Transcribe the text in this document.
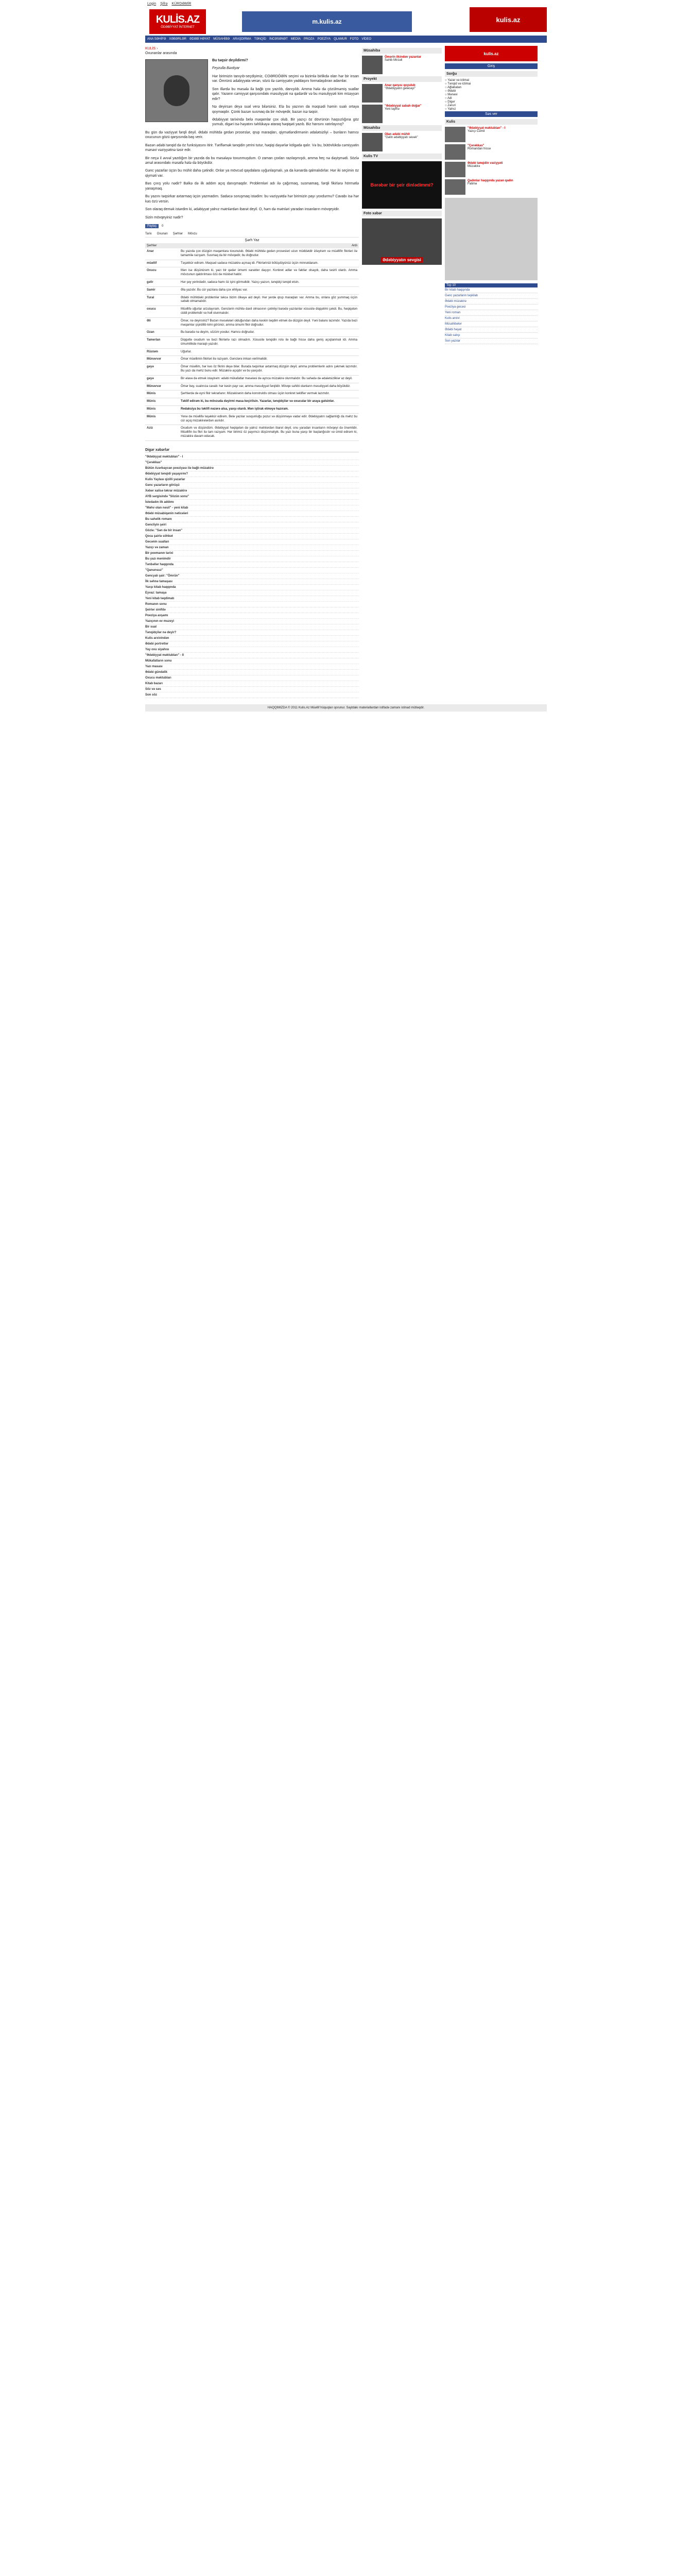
Login Şifrə KÜRDƏMİR
KULİS.AZ
ÖDƏBİYYAT İNTERNET
m.kulis.az	kulis.az
ANA SƏHİFƏ XƏBƏRLƏR ƏDƏBİ HƏYAT MÜSAHİBƏ ARAŞDIRMA TƏNQİD İNCƏSƏNƏT MEDİA PROZA POEZİYA QLAMUR FOTO VİDEO
KULİS ›
Oxunanlar arasında

Bu təqsir deyildirmi?

Feyzulla Bəxtiyar

Hər birimizin tanıyıb-seçdiyimiz, COƏRDÖƏİN seçimi və bizimlə birlikdə olan hər bir insan var. Ömrünü ədəbiyyata verən, sözü ilə cəmiyyətin yaddaşını formalaşdıran adamlar.

Son illərdə bu məsələ ilə bağlı çox yazılıb, danışılıb. Amma hələ də çözülməmiş suallar qalır. Yazarın cəmiyyət qarşısındakı məsuliyyəti nə qədərdir və bu məsuliyyəti kim müəyyən edir?

Nə deyirsən deyə sual verə bilərsiniz. Elə bu yazının da məqsədi həmin sualı ortaya qoymaqdır. Çünki bəzən susmaq da bir mövqedir, bəzən isə təqsir.

Ədəbiyyat tarixində belə məqamlar çox olub. Bir yazıçı öz dövrünün haqsızlığına göz yumub, digəri isə həyatını təhlükəyə ataraq həqiqəti yazıb. Biz hansını xatırlayırıq?

Bu gün də vəziyyət fərqli deyil. Ədəbi mühitdə gedən proseslər, qrup maraqları, qiymətləndirmənin ədalətsizliyi – bunların hamısı oxucunun gözü qarşısında baş verir.

Bəzən ədəbi tənqid də öz funksiyasını itirir. Tərifləmək tənqidin yerini tutur, həqiqi dəyərlər kölgədə qalır. Və bu, bütövlükdə cəmiyyətin mənəvi vəziyyətinə təsir edir.

Bir neçə il əvvəl yazdığım bir yazıda da bu məsələyə toxunmuşdum. O zaman çoxları razılaşmışdı, amma heç nə dəyişmədi. Sözlə əməl arasındakı məsafə hələ də böyükdür.

Gənc yazarlar üçün bu mühit daha çətindir. Onlar ya mövcud qaydalara uyğunlaşmalı, ya da kənarda qalmalıdırlar. Hər iki seçimin öz qiyməti var.

Bəs çıxış yolu nədir? Bəlkə də ilk addım açıq danışmaqdır. Problemləri adı ilə çağırmaq, susmamaq, fərqli fikirlərə hörmətlə yanaşmaq.

Bu yazını təqsirkar axtarmaq üçün yazmadım. Sadəcə soruşmaq istədim: bu vəziyyətdə hər birimizin payı yoxdurmu? Cavabı isə hər kəs özü versin.

Son olaraq demək istərdim ki, ədəbiyyat yalnız mətnlərdən ibarət deyil. O, həm də mətnləri yaradan insanların mövqeyidir.

Sizin mövqeyiniz nədir?

Paylaş	0
Tarix Oxunan Şərhlər Mövzu
Şərh Yaz
Şərhlər	Ardı
Anar	Bu yazıda çox düzgün məqamlara toxunulub. Ədəbi mühitdə gedən prosesləri uzun müddətdir izləyirəm və müəllifin fikirləri ilə tamamilə razıyam. Susmaq da bir mövqedir, bu doğrudur.
müəllif	Təşəkkür edirəm. Məqsəd sadəcə müzakirə açmaq idi. Fikirlərinizi bölüşdüyünüz üçün minnətdaram.
Oxucu	Mən isə düşünürəm ki, yazı bir qədər ümumi xarakter daşıyır. Konkret adlar və faktlar olsaydı, daha təsirli olardı. Amma mövzunun qaldırılması özü də müsbət haldır.
gəlir	Hər şey yerindədir, sadəcə hamı öz işini görməlidir. Yazıçı yazsın, tənqidçi tənqid etsin.
Samir	Əla yazıdır. Bu cür yazılara daha çox ehtiyac var.
Tural	Ədəbi mühitdəki problemlər təkcə bizim ölkəyə aid deyil. Hər yerdə qrup maraqları var. Amma bu, onlara göz yummaq üçün səbəb olmamalıdır.
oxucu	Müəllifə uğurlar arzulayıram. Gənclərin mühitə daxil olmasının çətinliyi barədə yazılanlar xüsusilə diqqətimi çəkdi. Bu, həqiqətən ciddi problemdir və həll olunmalıdır.
Əli	Ömər, nə deyirsiniz? Bəzən məsələləri olduğundan daha kəskin təqdim etmək də düzgün deyil. Yəni balans lazımdır. Yazıda bəzi məqamlar şişirdilib kimi görünür, amma ümumi fikir doğrudur.
Ozan	Bu barədə nə deyim, sözüm yoxdur. Hamısı doğrudur.
Tamerlan	Diqqətlə oxudum və bəzi fikirlərlə razı olmadım. Xüsusilə tənqidin rolu ilə bağlı hissə daha geniş açıqlanmalı idi. Amma ümumilikdə maraqlı yazıdır.
Rüstəm	Uğurlar.
Münəvvər	Ömər müəllimin fikirləri ilə razıyam. Gənclərə imkan verilməlidir.
gəyə	Ömər müəllim, hər kəs öz fikrini deyə bilər. Burada təqsirkar axtarmaq düzgün deyil, amma problemlərin adını çəkmək lazımdır. Bu yazı da məhz bunu edir. Müzakirə açıqdır və bu yaxşıdır.
gəyə	Bir əlavə də etmək istəyirəm: ədəbi mükafatlar məsələsi də ayrıca müzakirə olunmalıdır. Bu sahədə də ədalətsizliklər az deyil.
Münəvvər	Ömər bəy, sualınıza cavab: hər kəsin payı var, amma məsuliyyət fərqlidir. Mövqe sahibi olanların məsuliyyəti daha böyükdür.
Münis	Şərhlərdə də eyni fikir təkrarlanır. Müzakirənin daha konstruktiv olması üçün konkret təkliflər vermək lazımdır.
Münis	Təklif edirəm ki, bu mövzuda dəyirmi masa keçirilsin. Yazarlar, tənqidçilər və oxucular bir araya gəlsinlər.
Münis	Redaksiya bu təklifi nəzərə alsa, yaxşı olardı. Mən iştirak etməyə hazıram.
Münis	Yenə də müəllifə təşəkkür edirəm. Belə yazılar susqunluğu pozur və düşünməyə vadar edir. Ədəbiyyatın sağlamlığı da məhz bu cür açıq müzakirələrdən asılıdır.
Aziz	Oxudum və düşündüm. Ədəbiyyat həqiqətən də yalnız mətnlərdən ibarət deyil, onu yaradan insanların mövqeyi də önəmlidir. Müəllifin bu fikri ilə tam razıyam. Hər birimiz öz payımızı düşünməliyik. Bu yazı buna yaxşı bir başlanğıcdır və ümid edirəm ki, müzakirə davam edəcək.
Digər xəbərlər
"Ədəbiyyat məktubları" - I
"Çərəkkas"
Bütün Azərbaycan poeziyası ilə bağlı müzakirə
Ədəbiyyat tənqidi yaşayırmı?
Kulis Yaylası qizilli yazarlar
Gənc yazarların görüşü
Xəbər xalisə təkrar müzakirə
AYB sərgisində "Sözün sonu"
İstedadın ilk addımı
"Məhv olan nəsil" - yeni kitab
Ədəbi müsabiqənin nəticələri
Bu sahəlik romanı
Gəncliyin şeiri
Gözlə: "Sən də bir insan"
Qoca şairlə söhbət
Gecənin sualları
Yazıçı və zaman
Bir poemanın tarixi
Bu yazı mənimdir
Tənbəllər haqqında
"Qanunsuz"
Gəncyalı şair: "Ömrün"
İlk səhnə tamaşası
Yaxşı kitab haqqında
Eyvaz: tamaşa
Yeni kitab təqdimatı
Romanın sonu
Şeirlər sinifdə
Poeziya axşamı
Yazıçının ev muzeyi
Bir sual
Tənqidçilər nə deyir?
Kulis arxivindən
Ədəbi portretlər
Yay oxu siyahısı
"Ədəbiyyat məktubları" - II
Mükafatların sonu
Yazı masası
Ədəbi gündəlik
Oxucu məktubları
Kitab bazarı
Söz və səs
Son söz
Müsahibə
Ömərin ilkindən yazanlar
Sahib Mirzəli
Proyekt
Anar qarşısı qoyulub
"Ədəbiyyatın gələcəyi"
"Ədəbiyyat sabah doğar"
Yeni layihə
Müsahibə
Olan ədəbi mühit
"Gəlin ədəbiyyatı sevək"
Kulis TV
Bərəbər bir şeir dinlədimmi?
Foto xəbər
Ədəbiyyatın sevgisi
kulis.az
Giriş
Sorğu
○ Yazar və ictimai
○ Tənqid və ictimai
○ Ağlabatan
○ Ədəbi
○ Mənəvi
○ Adi
○ Digər
○ Zəruri
○ Yalnız
Səs ver
Kulis
"Ədəbiyyat məktubları" - I
Yazıçı Cəmil
"Çərəkkas"
Romandan hissə
Ədəbi tənqidin vəziyyəti
Müzakirə
Qadınlar haqqında yazan qadın
Fatimə
Top 10
Bir kitab haqqında
Gənc yazarların təşkilatı
Ədəbi müzakirə
Poeziya gecəsi
Yeni roman
Kulis arxivi
Müsahibələr
Ədəbi həyat
Kitab satışı
Son yazılar
HAQQIMIZDA © 2011 Kulis.Az Müəllif hüquqları qorunur. Saytdakı materiallardan istifadə zamanı istinad mütləqdir.
